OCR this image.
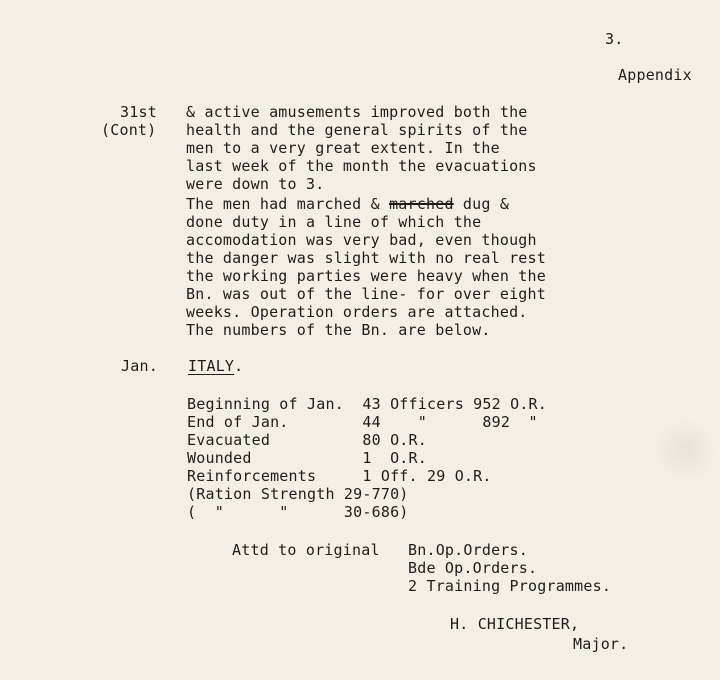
3.
Appendix
31st
(Cont)
& active amusements improved both the
health and the general spirits of the
men to a very great extent. In the
last week of the month the evacuations
were down to 3.
The men had marched & marched dug &
done duty in a line of which the
accomodation was very bad, even though
the danger was slight with no real rest
the working parties were heavy when the
Bn. was out of the line- for over eight
weeks. Operation orders are attached.
The numbers of the Bn. are below.
Jan. ITALY.
Beginning of Jan.  43 Officers 952 O.R.
End of Jan.        44    "      892  "
Evacuated          80 O.R.
Wounded            1  O.R.
Reinforcements     1 Off. 29 O.R.
(Ration Strength 29-770)
(  "      "      30-686)
Attd to original Bn.Op.Orders.
Bde Op.Orders.
2 Training Programmes.
H. CHICHESTER,
Major.
